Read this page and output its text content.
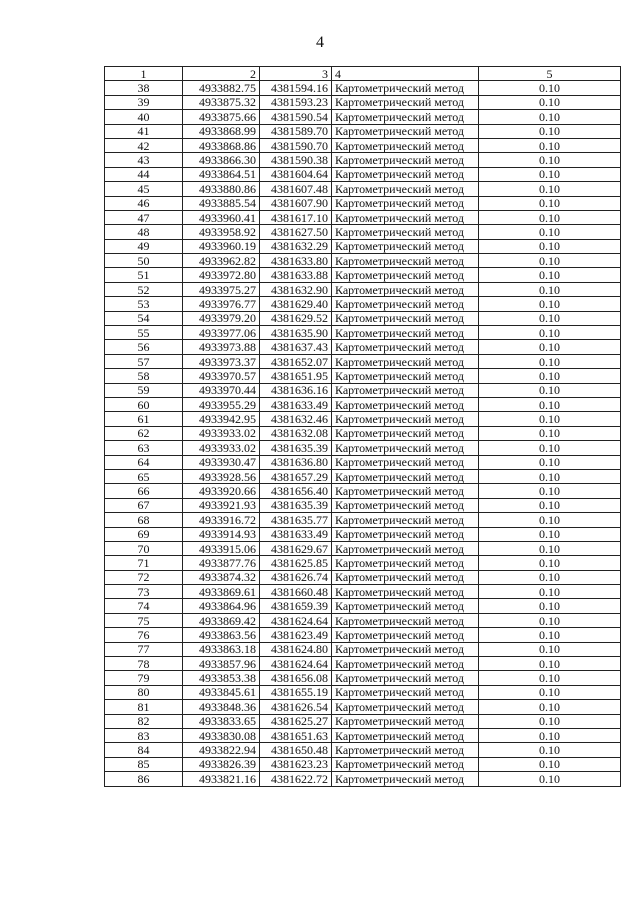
4
1	2	3	4	5
38	4933882.75	4381594.16	Картометрический метод	0.10
39	4933875.32	4381593.23	Картометрический метод	0.10
40	4933875.66	4381590.54	Картометрический метод	0.10
41	4933868.99	4381589.70	Картометрический метод	0.10
42	4933868.86	4381590.70	Картометрический метод	0.10
43	4933866.30	4381590.38	Картометрический метод	0.10
44	4933864.51	4381604.64	Картометрический метод	0.10
45	4933880.86	4381607.48	Картометрический метод	0.10
46	4933885.54	4381607.90	Картометрический метод	0.10
47	4933960.41	4381617.10	Картометрический метод	0.10
48	4933958.92	4381627.50	Картометрический метод	0.10
49	4933960.19	4381632.29	Картометрический метод	0.10
50	4933962.82	4381633.80	Картометрический метод	0.10
51	4933972.80	4381633.88	Картометрический метод	0.10
52	4933975.27	4381632.90	Картометрический метод	0.10
53	4933976.77	4381629.40	Картометрический метод	0.10
54	4933979.20	4381629.52	Картометрический метод	0.10
55	4933977.06	4381635.90	Картометрический метод	0.10
56	4933973.88	4381637.43	Картометрический метод	0.10
57	4933973.37	4381652.07	Картометрический метод	0.10
58	4933970.57	4381651.95	Картометрический метод	0.10
59	4933970.44	4381636.16	Картометрический метод	0.10
60	4933955.29	4381633.49	Картометрический метод	0.10
61	4933942.95	4381632.46	Картометрический метод	0.10
62	4933933.02	4381632.08	Картометрический метод	0.10
63	4933933.02	4381635.39	Картометрический метод	0.10
64	4933930.47	4381636.80	Картометрический метод	0.10
65	4933928.56	4381657.29	Картометрический метод	0.10
66	4933920.66	4381656.40	Картометрический метод	0.10
67	4933921.93	4381635.39	Картометрический метод	0.10
68	4933916.72	4381635.77	Картометрический метод	0.10
69	4933914.93	4381633.49	Картометрический метод	0.10
70	4933915.06	4381629.67	Картометрический метод	0.10
71	4933877.76	4381625.85	Картометрический метод	0.10
72	4933874.32	4381626.74	Картометрический метод	0.10
73	4933869.61	4381660.48	Картометрический метод	0.10
74	4933864.96	4381659.39	Картометрический метод	0.10
75	4933869.42	4381624.64	Картометрический метод	0.10
76	4933863.56	4381623.49	Картометрический метод	0.10
77	4933863.18	4381624.80	Картометрический метод	0.10
78	4933857.96	4381624.64	Картометрический метод	0.10
79	4933853.38	4381656.08	Картометрический метод	0.10
80	4933845.61	4381655.19	Картометрический метод	0.10
81	4933848.36	4381626.54	Картометрический метод	0.10
82	4933833.65	4381625.27	Картометрический метод	0.10
83	4933830.08	4381651.63	Картометрический метод	0.10
84	4933822.94	4381650.48	Картометрический метод	0.10
85	4933826.39	4381623.23	Картометрический метод	0.10
86	4933821.16	4381622.72	Картометрический метод	0.10
